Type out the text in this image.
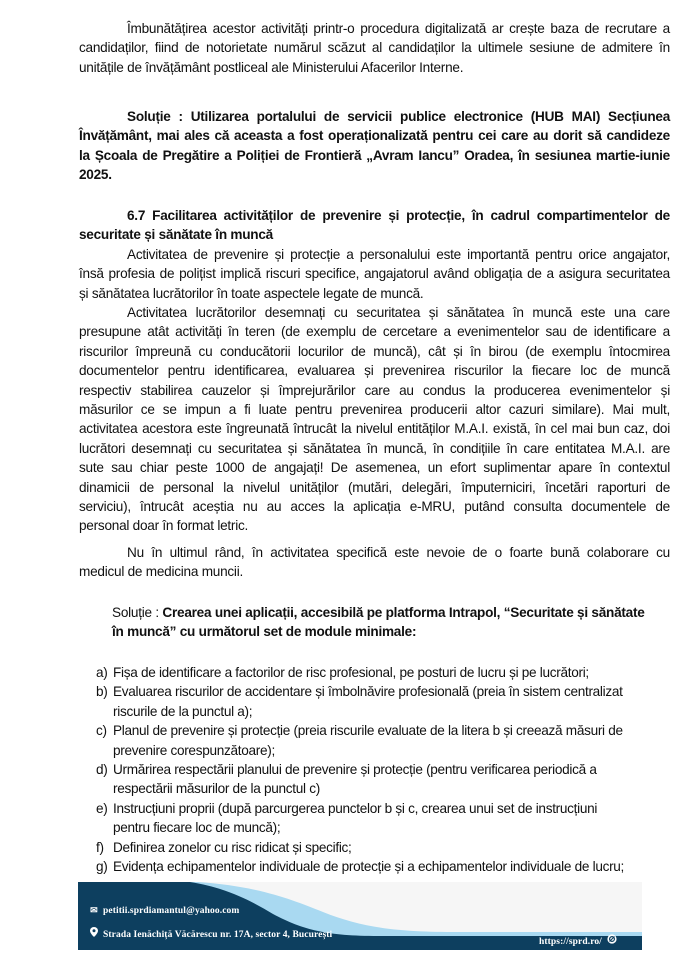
Îmbunătățirea acestor activități printr-o procedura digitalizată ar crește baza de recrutare a
candidaților, fiind de notorietate numărul scăzut al candidaților la ultimele sesiune de admitere în
unitățile de învățământ postliceal ale Ministerului Afacerilor Interne.
Soluție : Utilizarea portalului de servicii publice electronice (HUB MAI) Secțiunea
Învățământ, mai ales că aceasta a fost operaționalizată pentru cei care au dorit să candideze
la Școala de Pregătire a Poliției de Frontieră „Avram Iancu” Oradea, în sesiunea martie-iunie
2025.
6.7 Facilitarea activităților de prevenire și protecție, în cadrul compartimentelor de
securitate și sănătate în muncă
Activitatea de prevenire și protecție a personalului este importantă pentru orice angajator,
însă profesia de polițist implică riscuri specifice, angajatorul având obligația de a asigura securitatea
și sănătatea lucrătorilor în toate aspectele legate de muncă.
Activitatea lucrătorilor desemnați cu securitatea și sănătatea în muncă este una care
presupune atât activități în teren (de exemplu de cercetare a evenimentelor sau de identificare a
riscurilor împreună cu conducătorii locurilor de muncă), cât și în birou (de exemplu întocmirea
documentelor pentru identificarea, evaluarea și prevenirea riscurilor la fiecare loc de muncă
respectiv stabilirea cauzelor și împrejurărilor care au condus la producerea evenimentelor și
măsurilor ce se impun a fi luate pentru prevenirea producerii altor cazuri similare). Mai mult,
activitatea acestora este îngreunată întrucât la nivelul entităților M.A.I. există, în cel mai bun caz, doi
lucrători desemnați cu securitatea și sănătatea în muncă, în condițiile în care entitatea M.A.I. are
sute sau chiar peste 1000 de angajați! De asemenea, un efort suplimentar apare în contextul
dinamicii de personal la nivelul unităților (mutări, delegări, împuterniciri, încetări raporturi de
serviciu), întrucât aceștia nu au acces la aplicația e-MRU, putând consulta documentele de
personal doar în format letric.
Nu în ultimul rând, în activitatea specifică este nevoie de o foarte bună colaborare cu
medicul de medicina muncii.
Soluție : Crearea unei aplicații, accesibilă pe platforma Intrapol, “Securitate și sănătate
în muncă” cu următorul set de module minimale:
a) Fișa de identificare a factorilor de risc profesional, pe posturi de lucru și pe lucrători;
b) Evaluarea riscurilor de accidentare și îmbolnăvire profesională (preia în sistem centralizat
riscurile de la punctul a);
c) Planul de prevenire și protecție (preia riscurile evaluate de la litera b și creează măsuri de
prevenire corespunzătoare);
d) Urmărirea respectării planului de prevenire și protecție (pentru verificarea periodică a
respectării măsurilor de la punctul c)
e) Instrucțiuni proprii (după parcurgerea punctelor b și c, crearea unui set de instrucțiuni
pentru fiecare loc de muncă);
f) Definirea zonelor cu risc ridicat și specific;
g) Evidența echipamentelor individuale de protecție și a echipamentelor individuale de lucru;
✉ petitii.sprdiamantul@yahoo.com
Strada Ienăchiță Văcărescu nr. 17A, sector 4, București
https://sprd.ro/
